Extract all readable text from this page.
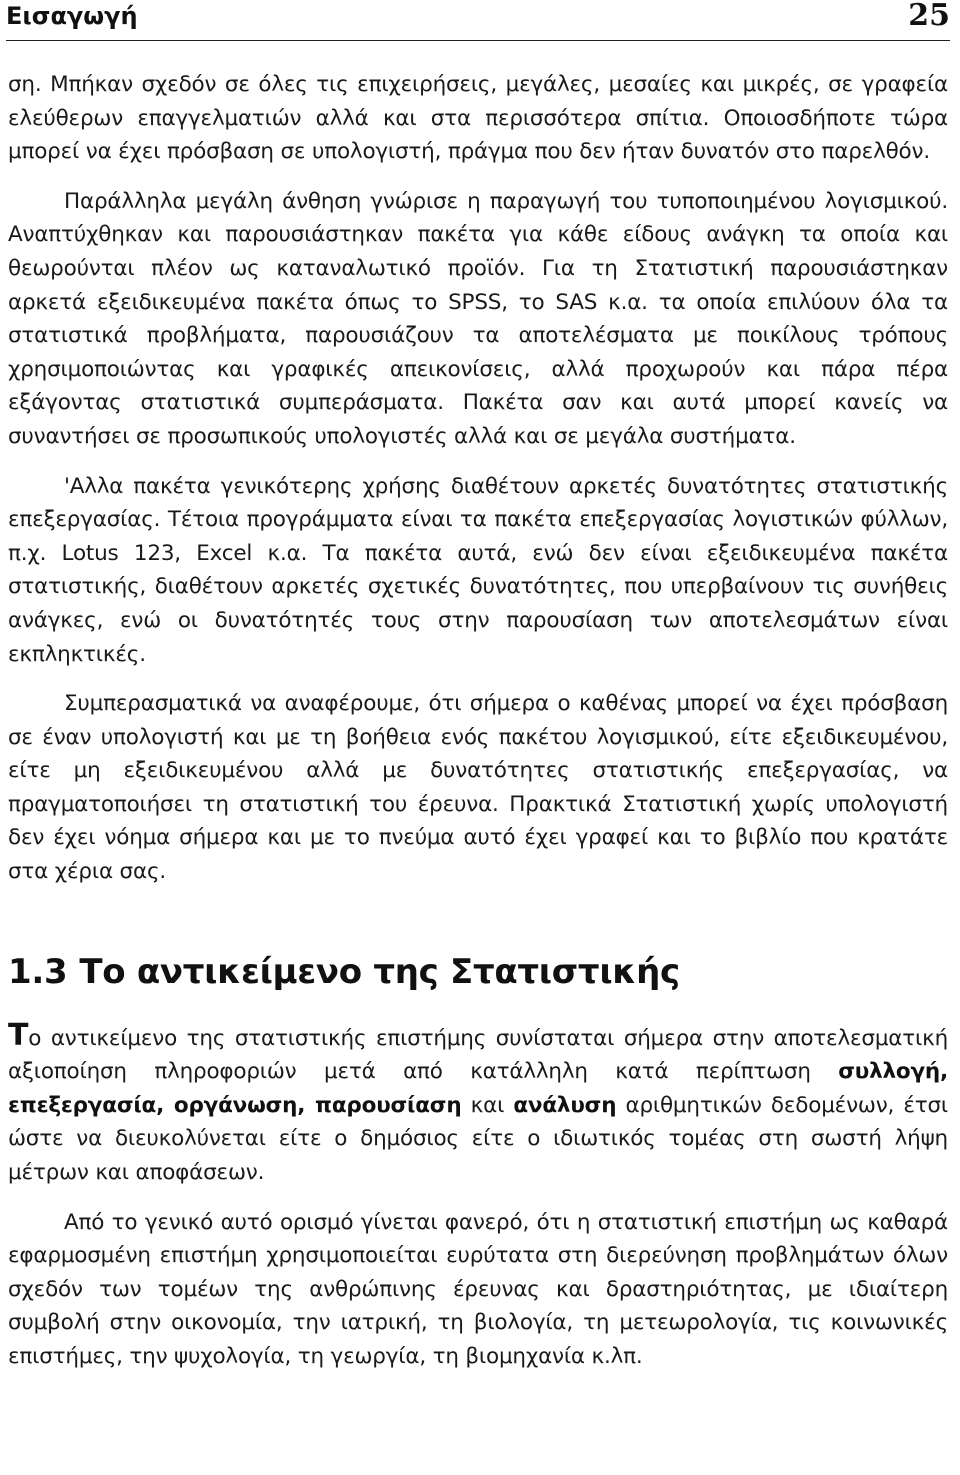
Εισαγωγή	25

ση. Μπήκαν σχεδόν σε όλες τις επιχειρήσεις, μεγάλες, μεσαίες και μικρές, σε γραφεία ελεύθερων επαγγελματιών αλλά και στα περισσότερα σπίτια. Οποιοσδήποτε τώρα μπορεί να έχει πρόσβαση σε υπολογιστή, πράγμα που δεν ήταν δυνατόν στο παρελθόν.

Παράλληλα μεγάλη άνθηση γνώρισε η παραγωγή του τυποποιημένου λογισμικού. Αναπτύχθηκαν και παρουσιάστηκαν πακέτα για κάθε είδους ανάγκη τα οποία και θεωρούνται πλέον ως καταναλωτικό προϊόν. Για τη Στατιστική παρουσιάστηκαν αρκετά εξειδικευμένα πακέτα όπως το SPSS, το SAS κ.α. τα οποία επιλύουν όλα τα στατιστικά προβλήματα, παρουσιάζουν τα αποτελέσματα με ποικίλους τρόπους χρησιμοποιώντας και γραφικές απεικονίσεις, αλλά προχωρούν και πάρα πέρα εξάγοντας στατιστικά συμπεράσματα. Πακέτα σαν και αυτά μπορεί κανείς να συναντήσει σε προσωπικούς υπολογιστές αλλά και σε μεγάλα συστήματα.

'Αλλα πακέτα γενικότερης χρήσης διαθέτουν αρκετές δυνατότητες στατιστικής επεξεργασίας. Τέτοια προγράμματα είναι τα πακέτα επεξεργασίας λογιστικών φύλλων, π.χ. Lotus 123, Excel κ.α. Τα πακέτα αυτά, ενώ δεν είναι εξειδικευμένα πακέτα στατιστικής, διαθέτουν αρκετές σχετικές δυνατότητες, που υπερβαίνουν τις συνήθεις ανάγκες, ενώ οι δυνατότητές τους στην παρουσίαση των αποτελεσμάτων είναι εκπληκτικές.

Συμπερασματικά να αναφέρουμε, ότι σήμερα ο καθένας μπορεί να έχει πρόσβαση σε έναν υπολογιστή και με τη βοήθεια ενός πακέτου λογισμικού, είτε εξειδικευμένου, είτε μη εξειδικευμένου αλλά με δυνατότητες στατιστικής επεξεργασίας, να πραγματοποιήσει τη στατιστική του έρευνα. Πρακτικά Στατιστική χωρίς υπολογιστή δεν έχει νόημα σήμερα και με το πνεύμα αυτό έχει γραφεί και το βιβλίο που κρατάτε στα χέρια σας.

1.3 Το αντικείμενο της Στατιστικής

Το αντικείμενο της στατιστικής επιστήμης συνίσταται σήμερα στην αποτελεσματική αξιοποίηση πληροφοριών μετά από κατάλληλη κατά περίπτωση συλλογή, επεξεργασία, οργάνωση, παρουσίαση και ανάλυση αριθμητικών δεδομένων, έτσι ώστε να διευκολύνεται είτε ο δημόσιος είτε ο ιδιωτικός τομέας στη σωστή λήψη μέτρων και αποφάσεων.

Από το γενικό αυτό ορισμό γίνεται φανερό, ότι η στατιστική επιστήμη ως καθαρά εφαρμοσμένη επιστήμη χρησιμοποιείται ευρύτατα στη διερεύνηση προβλημάτων όλων σχεδόν των τομέων της ανθρώπινης έρευνας και δραστηριότητας, με ιδιαίτερη συμβολή στην οικονομία, την ιατρική, τη βιολογία, τη μετεωρολογία, τις κοινωνικές επιστήμες, την ψυχολογία, τη γεωργία, τη βιομηχανία κ.λπ.
